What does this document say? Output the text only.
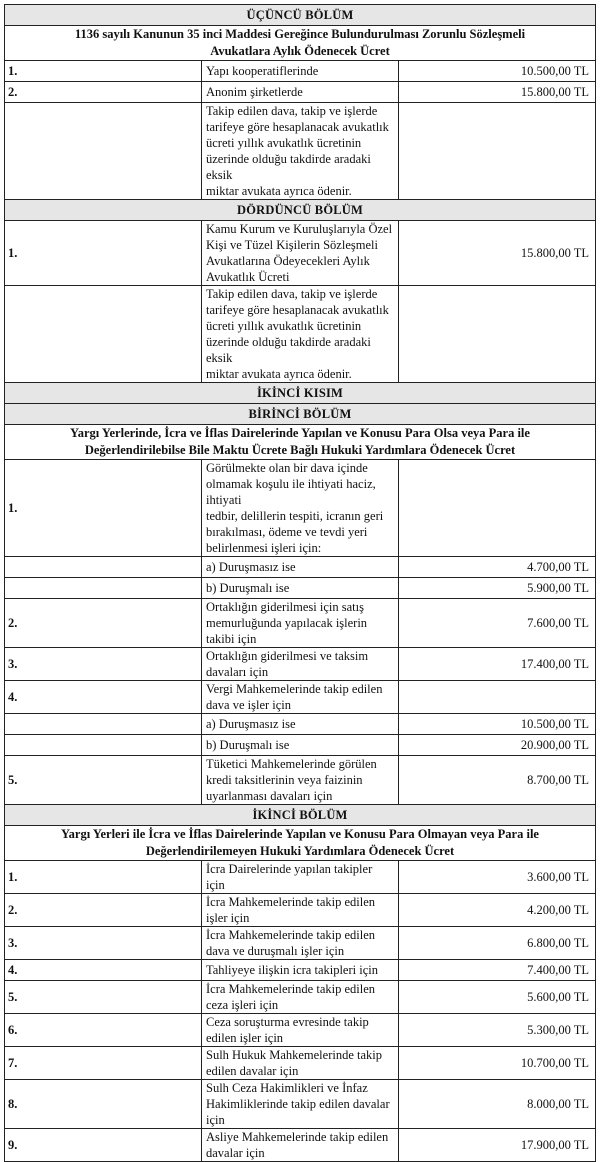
ÜÇÜNCÜ BÖLÜM		

1136 sayılı Kanunun 35 inci Maddesi Gereğince Bulundurulması Zorunlu Sözleşmeli
Avukatlara Aylık Ödenecek Ücret		

1.	Yapı kooperatiflerinde	10.500,00 TL
2.	Anonim şirketlerde	15.800,00 TL

	Takip edilen dava, takip ve işlerde tarifeye göre hesaplanacak avukatlık
ücreti yıllık avukatlık ücretinin üzerinde olduğu takdirde aradaki eksik
miktar avukata ayrıca ödenir.	

DÖRDÜNCÜ BÖLÜM		
1.	Kamu Kurum ve Kuruluşlarıyla Özel Kişi ve Tüzel Kişilerin Sözleşmeli
Avukatlarına Ödeyecekleri Aylık Avukatlık Ücreti	15.800,00 TL

	Takip edilen dava, takip ve işlerde tarifeye göre hesaplanacak avukatlık
ücreti yıllık avukatlık ücretinin üzerinde olduğu takdirde aradaki eksik
miktar avukata ayrıca ödenir.	

İKİNCİ KISIM		
BİRİNCİ BÖLÜM		

Yargı Yerlerinde, İcra ve İflas Dairelerinde Yapılan ve Konusu Para Olsa veya Para ile
Değerlendirilebilse Bile Maktu Ücrete Bağlı Hukuki Yardımlara Ödenecek Ücret		

1.	Görülmekte olan bir dava içinde olmamak koşulu ile ihtiyati haciz, ihtiyati
tedbir, delillerin tespiti, icranın geri bırakılması, ödeme ve tevdi yeri
belirlenmesi işleri için:	

	a) Duruşmasız ise	4.700,00 TL

	b) Duruşmalı ise	5.900,00 TL
2.	Ortaklığın giderilmesi için satış memurluğunda yapılacak işlerin takibi için	7.600,00 TL
3.	Ortaklığın giderilmesi ve taksim davaları için	17.400,00 TL
4.	Vergi Mahkemelerinde takip edilen dava ve işler için	

	a) Duruşmasız ise	10.500,00 TL

	b) Duruşmalı ise	20.900,00 TL
5.	Tüketici Mahkemelerinde görülen kredi taksitlerinin veya faizinin
uyarlanması davaları için	8.700,00 TL
İKİNCİ BÖLÜM		

Yargı Yerleri ile İcra ve İflas Dairelerinde Yapılan ve Konusu Para Olmayan veya Para ile
Değerlendirilemeyen Hukuki Yardımlara Ödenecek Ücret		

1.	İcra Dairelerinde yapılan takipler için	3.600,00 TL
2.	İcra Mahkemelerinde takip edilen işler için	4.200,00 TL
3.	İcra Mahkemelerinde takip edilen dava ve duruşmalı işler için	6.800,00 TL
4.	Tahliyeye ilişkin icra takipleri için	7.400,00 TL
5.	İcra Mahkemelerinde takip edilen ceza işleri için	5.600,00 TL
6.	Ceza soruşturma evresinde takip edilen işler için	5.300,00 TL
7.	Sulh Hukuk Mahkemelerinde takip edilen davalar için	10.700,00 TL
8.	Sulh Ceza Hakimlikleri ve İnfaz Hakimliklerinde takip edilen davalar için	8.000,00 TL
9.	Asliye Mahkemelerinde takip edilen davalar için	17.900,00 TL
